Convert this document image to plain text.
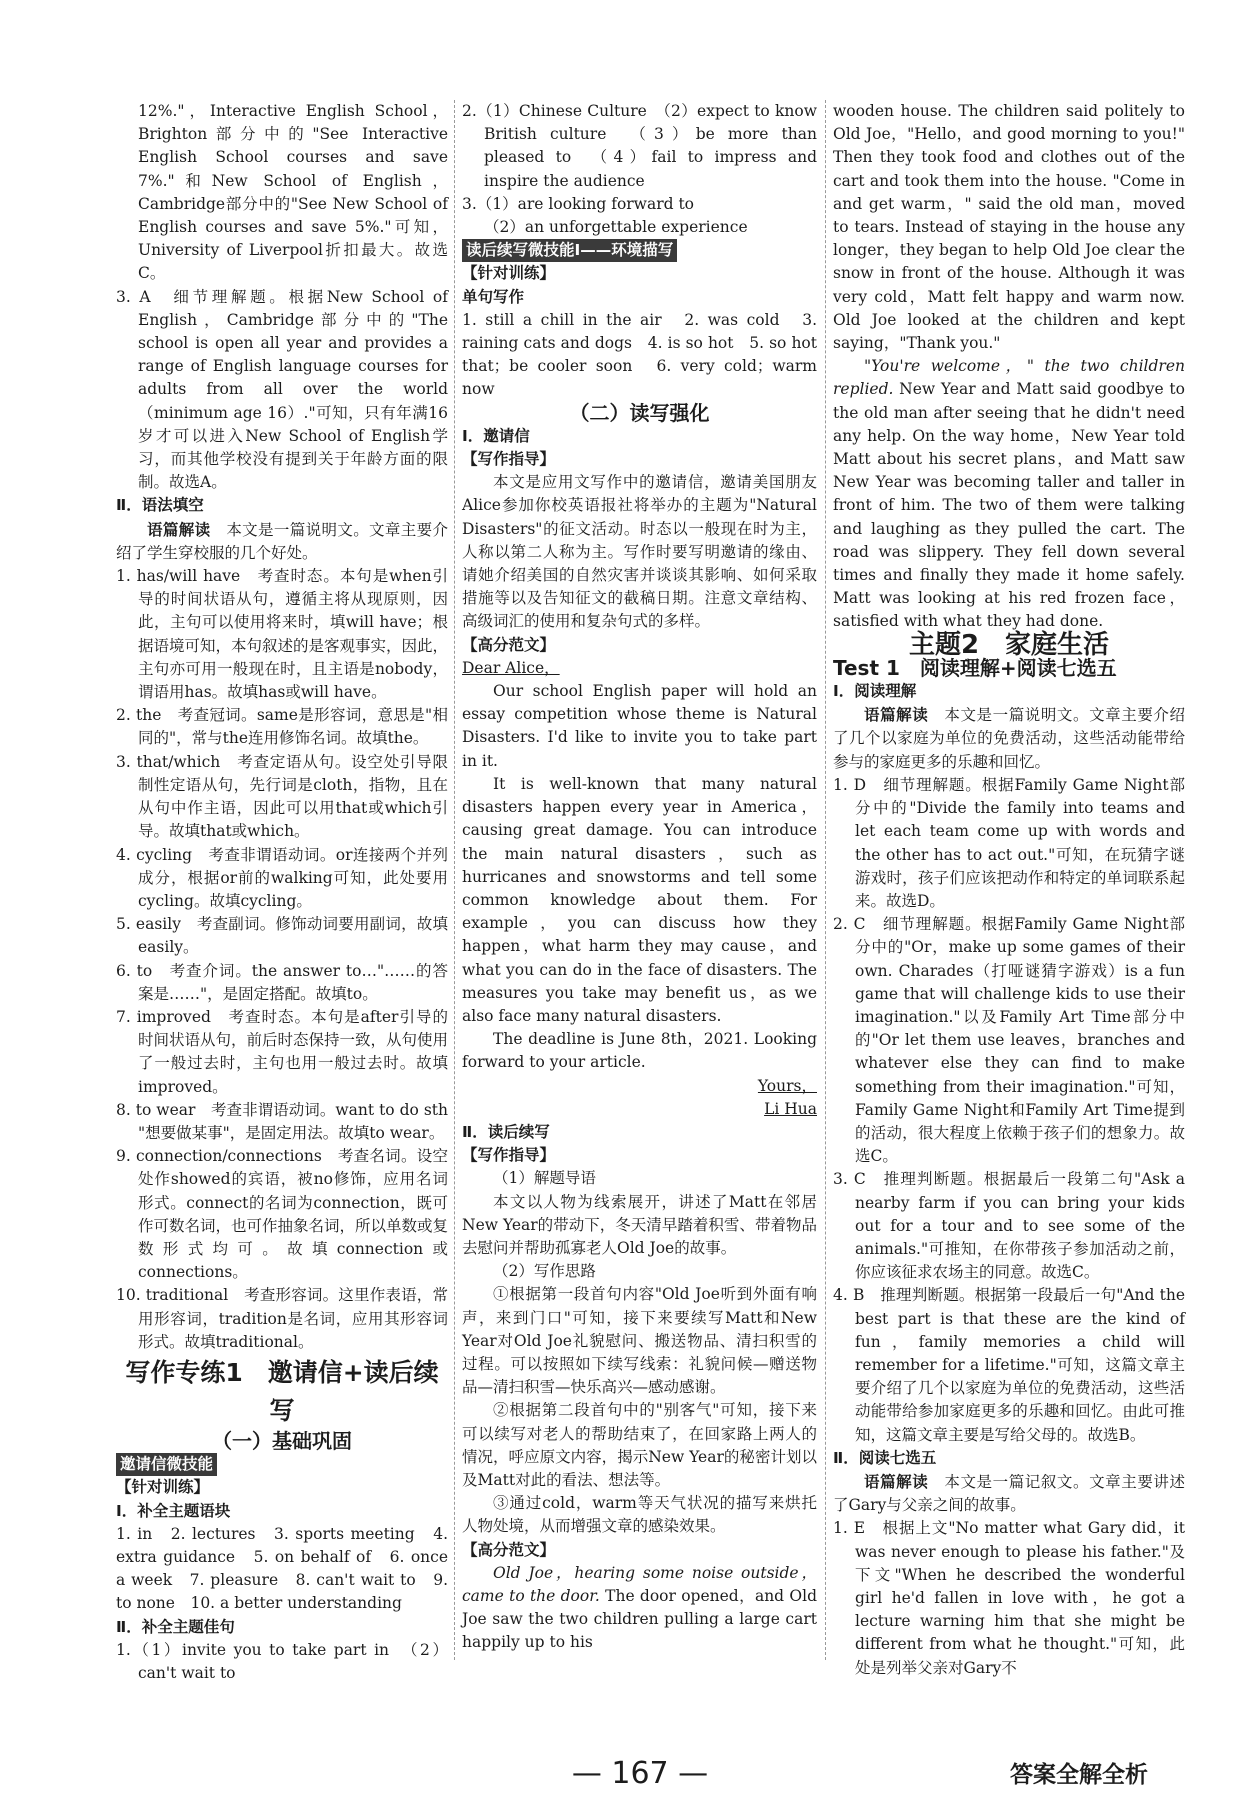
12%."，Interactive English School，Brighton部分中的"See Interactive English School courses and save 7%."和New School of English，Cambridge部分中的"See New School of English courses and save 5%."可知，University of Liverpool折扣最大。故选C。

3. A　细节理解题。根据New School of English，Cambridge部分中的"The school is open all year and provides a range of English language courses for adults from all over the world（minimum age 16）."可知，只有年满16岁才可以进入New School of English学习，而其他学校没有提到关于年龄方面的限制。故选A。

Ⅱ．语法填空

语篇解读　本文是一篇说明文。文章主要介绍了学生穿校服的几个好处。

1. has/will have　考查时态。本句是when引导的时间状语从句，遵循主将从现原则，因此，主句可以使用将来时，填will have；根据语境可知，本句叙述的是客观事实，因此，主句亦可用一般现在时，且主语是nobody，谓语用has。故填has或will have。

2. the　考查冠词。same是形容词，意思是"相同的"，常与the连用修饰名词。故填the。

3. that/which　考查定语从句。设空处引导限制性定语从句，先行词是cloth，指物，且在从句中作主语，因此可以用that或which引导。故填that或which。

4. cycling　考查非谓语动词。or连接两个并列成分，根据or前的walking可知，此处要用cycling。故填cycling。

5. easily　考查副词。修饰动词要用副词，故填easily。

6. to　考查介词。the answer to…"……的答案是……"，是固定搭配。故填to。

7. improved　考查时态。本句是after引导的时间状语从句，前后时态保持一致，从句使用了一般过去时，主句也用一般过去时。故填improved。

8. to wear　考查非谓语动词。want to do sth "想要做某事"，是固定用法。故填to wear。

9. connection/connections　考查名词。设空处作showed的宾语，被no修饰，应用名词形式。connect的名词为connection，既可作可数名词，也可作抽象名词，所以单数或复数形式均可。故填connection或connections。

10. traditional　考查形容词。这里作表语，常用形容词，tradition是名词，应用其形容词形式。故填traditional。

写作专练1　邀请信+读后续写

（一）基础巩固

邀请信微技能

【针对训练】

Ⅰ．补全主题语块

1. in　2. lectures　3. sports meeting　4. extra guidance　5. on behalf of　6. once a week　7. pleasure　8. can't wait to　9. to none　10. a better understanding

Ⅱ．补全主题佳句

1.（1）invite you to take part in　（2）can't wait to

2.（1）Chinese Culture　（2）expect to know British culture　（3）be more than pleased to　（4）fail to impress and inspire the audience

3.（1）are looking forward to

（2）an unforgettable experience

读后续写微技能Ⅰ——环境描写

【针对训练】

单句写作

1. still a chill in the air　2. was cold　3. raining cats and dogs　4. is so hot　5. so hot that；be cooler soon　6. very cold；warm now

（二）读写强化

Ⅰ．邀请信

【写作指导】

本文是应用文写作中的邀请信，邀请美国朋友Alice参加你校英语报社将举办的主题为"Natural Disasters"的征文活动。时态以一般现在时为主，人称以第二人称为主。写作时要写明邀请的缘由、请她介绍美国的自然灾害并谈谈其影响、如何采取措施等以及告知征文的截稿日期。注意文章结构、高级词汇的使用和复杂句式的多样。

【高分范文】

Dear Alice，

Our school English paper will hold an essay competition whose theme is Natural Disasters. I'd like to invite you to take part in it.

It is well-known that many natural disasters happen every year in America，causing great damage. You can introduce the main natural disasters，such as hurricanes and snowstorms and tell some common knowledge about them. For example，you can discuss how they happen，what harm they may cause，and what you can do in the face of disasters. The measures you take may benefit us，as we also face many natural disasters.

The deadline is June 8th，2021. Looking forward to your article.

Yours，

Li Hua

Ⅱ．读后续写

【写作指导】

（1）解题导语

本文以人物为线索展开，讲述了Matt在邻居New Year的带动下，冬天清早踏着积雪、带着物品去慰问并帮助孤寡老人Old Joe的故事。

（2）写作思路

①根据第一段首句内容"Old Joe听到外面有响声，来到门口"可知，接下来要续写Matt和New Year对Old Joe礼貌慰问、搬送物品、清扫积雪的过程。可以按照如下续写线索：礼貌问候—赠送物品—清扫积雪—快乐高兴—感动感谢。

②根据第二段首句中的"别客气"可知，接下来可以续写对老人的帮助结束了，在回家路上两人的情况，呼应原文内容，揭示New Year的秘密计划以及Matt对此的看法、想法等。

③通过cold，warm等天气状况的描写来烘托人物处境，从而增强文章的感染效果。

【高分范文】

Old Joe，hearing some noise outside，came to the door. The door opened，and Old Joe saw the two children pulling a large cart happily up to his

wooden house. The children said politely to Old Joe，"Hello，and good morning to you!" Then they took food and clothes out of the cart and took them into the house. "Come in and get warm，" said the old man，moved to tears. Instead of staying in the house any longer，they began to help Old Joe clear the snow in front of the house. Although it was very cold，Matt felt happy and warm now. Old Joe looked at the children and kept saying，"Thank you."

"You're welcome，" the two children replied. New Year and Matt said goodbye to the old man after seeing that he didn't need any help. On the way home，New Year told Matt about his secret plans，and Matt saw New Year was becoming taller and taller in front of him. The two of them were talking and laughing as they pulled the cart. The road was slippery. They fell down several times and finally they made it home safely. Matt was looking at his red frozen face，satisfied with what they had done.

主题2　家庭生活

Test 1　阅读理解+阅读七选五

Ⅰ．阅读理解

语篇解读　本文是一篇说明文。文章主要介绍了几个以家庭为单位的免费活动，这些活动能带给参与的家庭更多的乐趣和回忆。

1. D　细节理解题。根据Family Game Night部分中的"Divide the family into teams and let each team come up with words and the other has to act out."可知，在玩猜字谜游戏时，孩子们应该把动作和特定的单词联系起来。故选D。

2. C　细节理解题。根据Family Game Night部分中的"Or，make up some games of their own. Charades（打哑谜猜字游戏）is a fun game that will challenge kids to use their imagination."以及Family Art Time部分中的"Or let them use leaves，branches and whatever else they can find to make something from their imagination."可知，Family Game Night和Family Art Time提到的活动，很大程度上依赖于孩子们的想象力。故选C。

3. C　推理判断题。根据最后一段第二句"Ask a nearby farm if you can bring your kids out for a tour and to see some of the animals."可推知，在你带孩子参加活动之前，你应该征求农场主的同意。故选C。

4. B　推理判断题。根据第一段最后一句"And the best part is that these are the kind of fun，family memories a child will remember for a lifetime."可知，这篇文章主要介绍了几个以家庭为单位的免费活动，这些活动能带给参加家庭更多的乐趣和回忆。由此可推知，这篇文章主要是写给父母的。故选B。

Ⅱ．阅读七选五

语篇解读　本文是一篇记叙文。文章主要讲述了Gary与父亲之间的故事。

1. E　根据上文"No matter what Gary did，it was never enough to please his father."及下文"When he described the wonderful girl he'd fallen in love with，he got a lecture warning him that she might be different from what he thought."可知，此处是列举父亲对Gary不

— 167 —	答案全解全析
